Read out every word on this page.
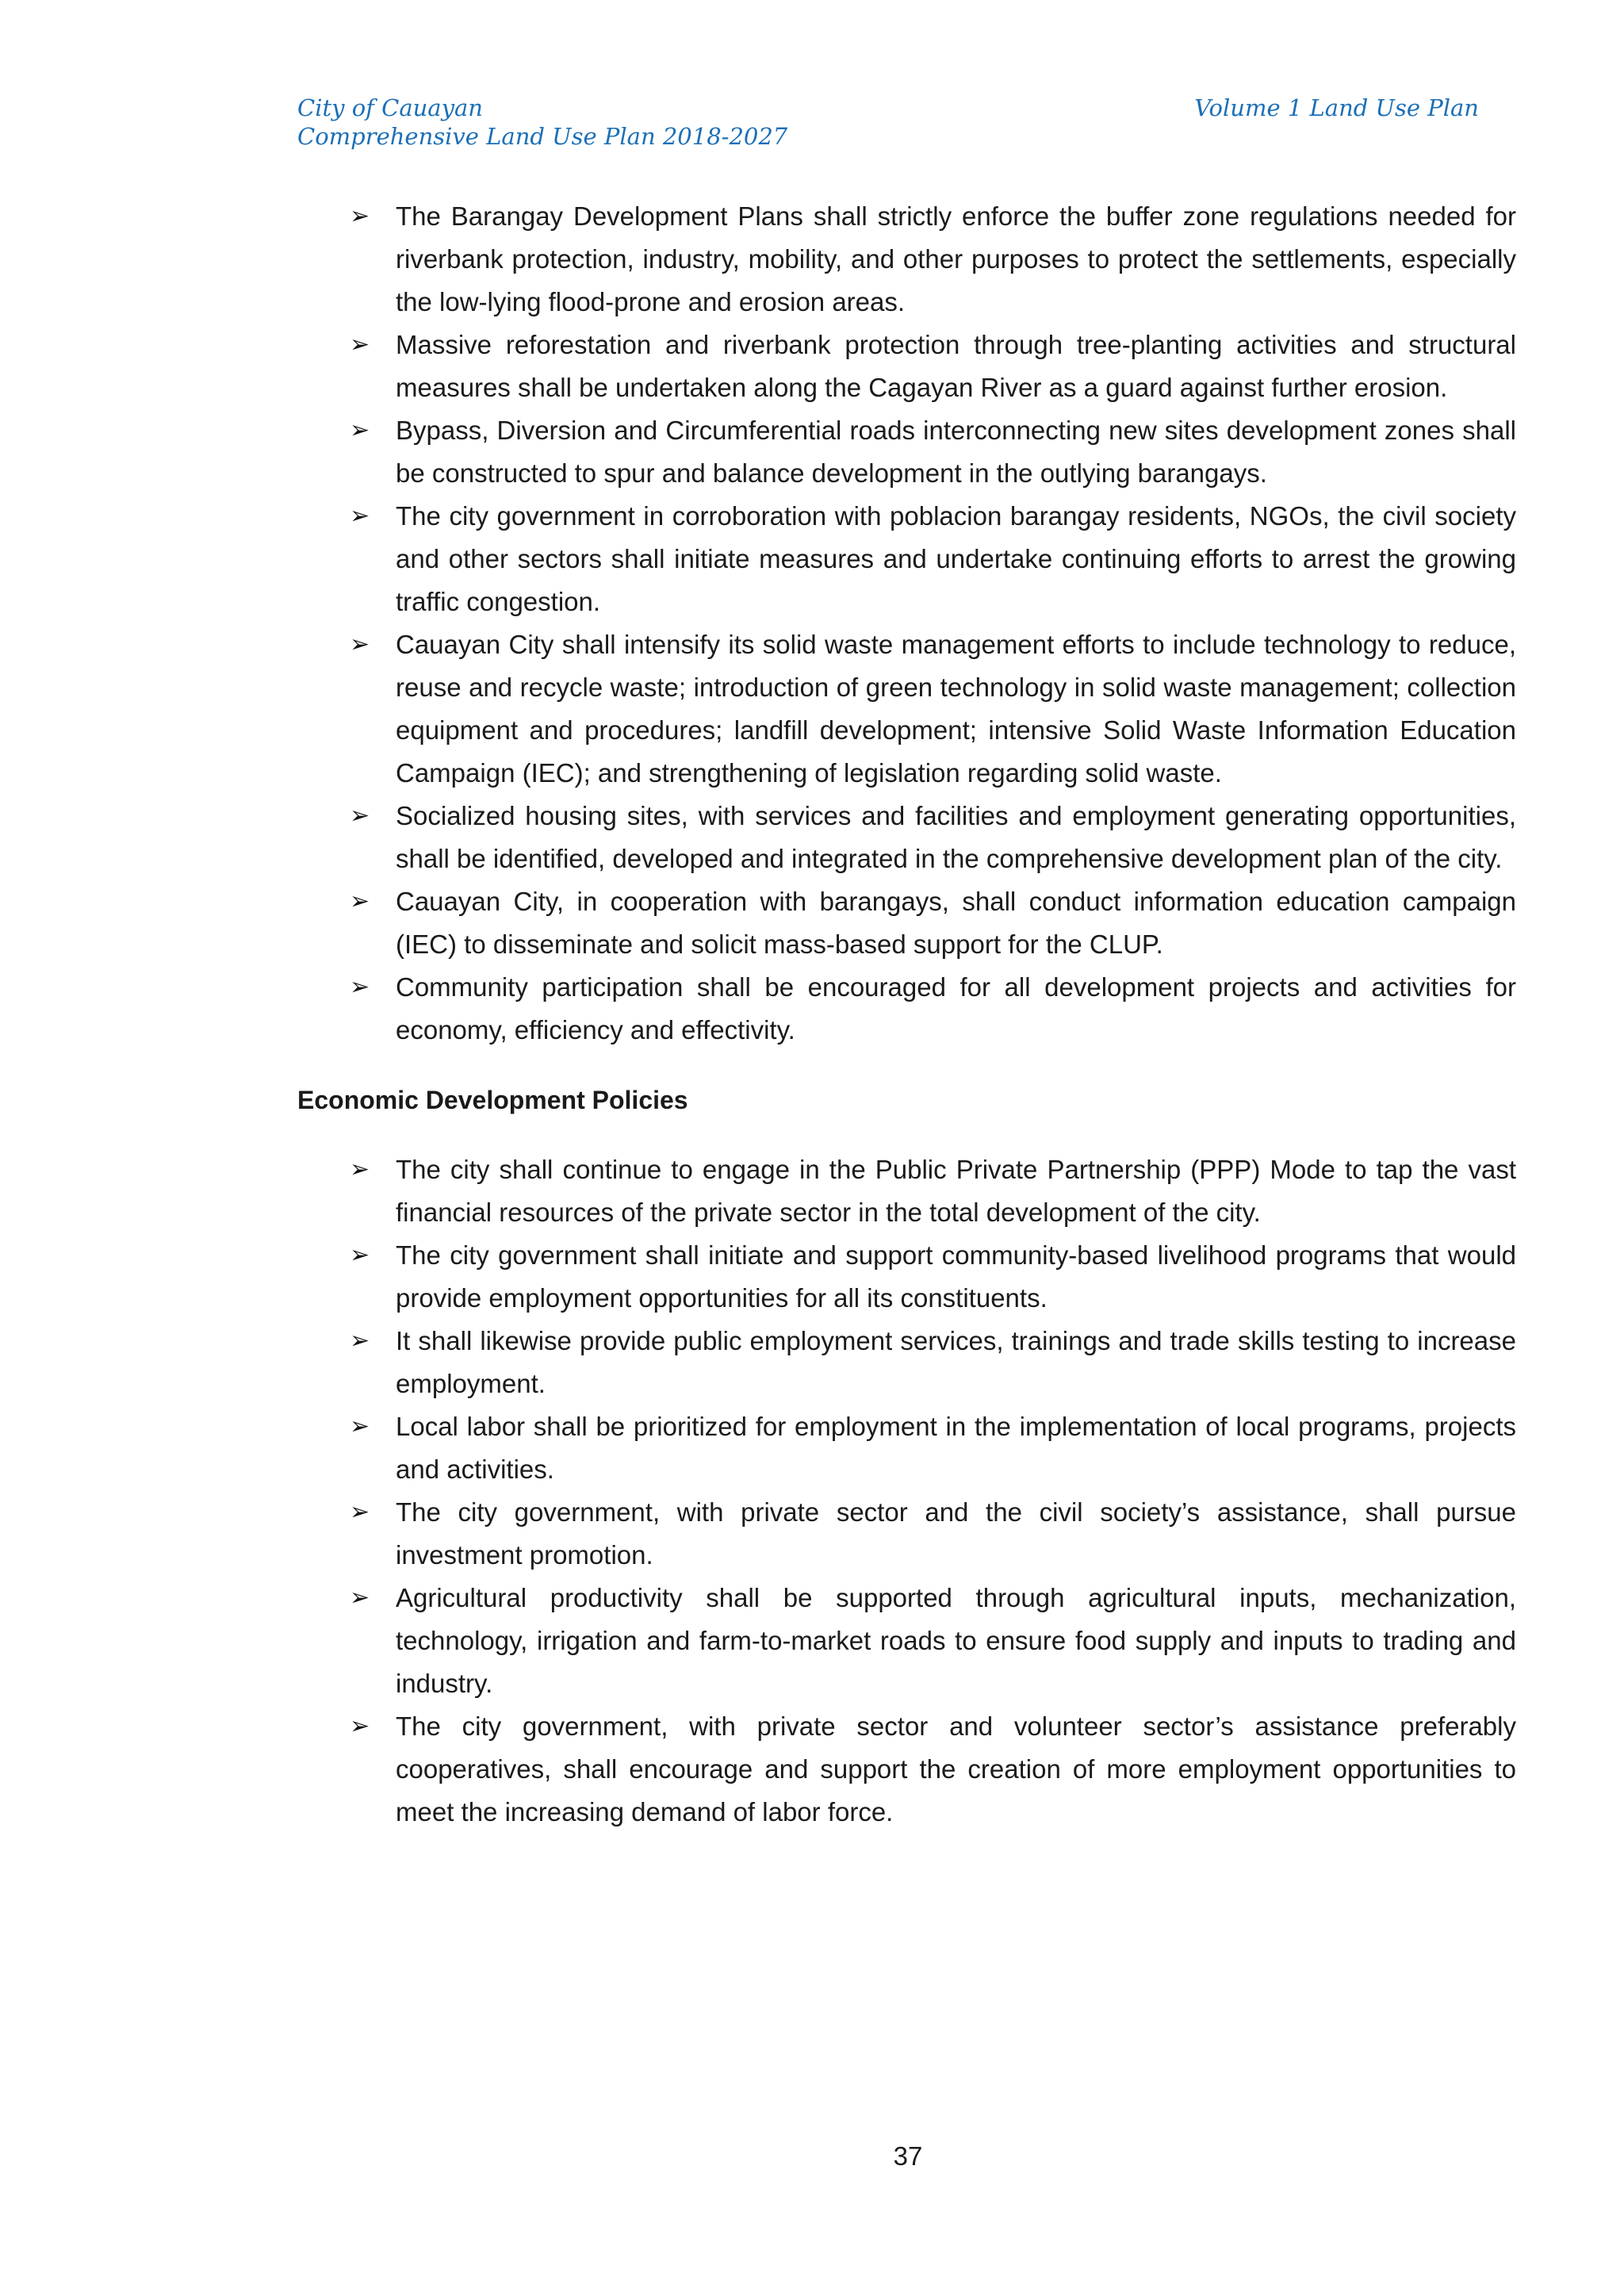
City of Cauayan
Comprehensive Land Use Plan 2018-2027
Volume 1 Land Use Plan
➢ The Barangay Development Plans shall strictly enforce the buffer zone regulations needed for riverbank protection, industry, mobility, and other purposes to protect the settlements, especially the low-lying flood-prone and erosion areas.
➢ Massive reforestation and riverbank protection through tree-planting activities and structural measures shall be undertaken along the Cagayan River as a guard against further erosion.
➢ Bypass, Diversion and Circumferential roads interconnecting new sites development zones shall be constructed to spur and balance development in the outlying barangays.
➢ The city government in corroboration with poblacion barangay residents, NGOs, the civil society and other sectors shall initiate measures and undertake continuing efforts to arrest the growing traffic congestion.
➢ Cauayan City shall intensify its solid waste management efforts to include technology to reduce, reuse and recycle waste; introduction of green technology in solid waste management; collection equipment and procedures; landfill development; intensive Solid Waste Information Education Campaign (IEC); and strengthening of legislation regarding solid waste.
➢ Socialized housing sites, with services and facilities and employment generating opportunities, shall be identified, developed and integrated in the comprehensive development plan of the city.
➢ Cauayan City, in cooperation with barangays, shall conduct information education campaign (IEC) to disseminate and solicit mass-based support for the CLUP.
➢ Community participation shall be encouraged for all development projects and activities for economy, efficiency and effectivity.
Economic Development Policies
➢ The city shall continue to engage in the Public Private Partnership (PPP) Mode to tap the vast financial resources of the private sector in the total development of the city.
➢ The city government shall initiate and support community-based livelihood programs that would provide employment opportunities for all its constituents.
➢ It shall likewise provide public employment services, trainings and trade skills testing to increase employment.
➢ Local labor shall be prioritized for employment in the implementation of local programs, projects and activities.
➢ The city government, with private sector and the civil society’s assistance, shall pursue investment promotion.
➢ Agricultural productivity shall be supported through agricultural inputs, mechanization, technology, irrigation and farm-to-market roads to ensure food supply and inputs to trading and industry.
➢ The city government, with private sector and volunteer sector’s assistance preferably cooperatives, shall encourage and support the creation of more employment opportunities to meet the increasing demand of labor force.
37
